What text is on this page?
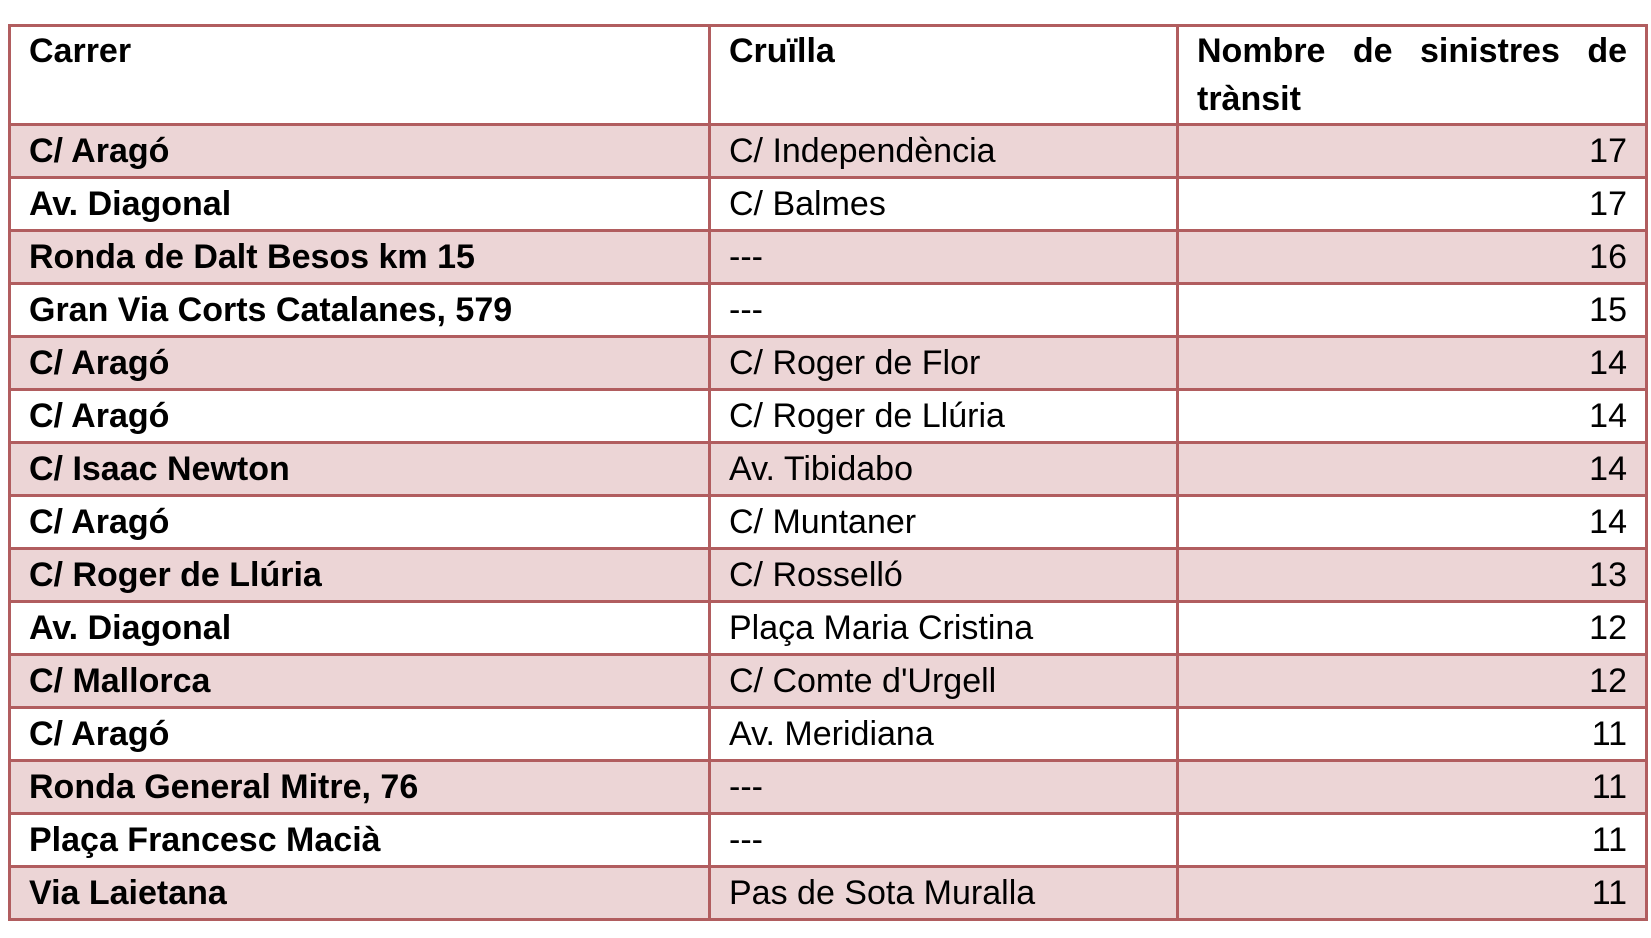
Carrer	Cruïlla	Nombre de sinistres de trànsit
C/ Aragó	C/ Independència	17
Av. Diagonal	C/ Balmes	17
Ronda de Dalt Besos km 15	---	16
Gran Via Corts Catalanes, 579	---	15
C/ Aragó	C/ Roger de Flor	14
C/ Aragó	C/ Roger de Llúria	14
C/ Isaac Newton	Av. Tibidabo	14
C/ Aragó	C/ Muntaner	14
C/ Roger de Llúria	C/ Rosselló	13
Av. Diagonal	Plaça Maria Cristina	12
C/ Mallorca	C/ Comte d'Urgell	12
C/ Aragó	Av. Meridiana	11
Ronda General Mitre, 76	---	11
Plaça Francesc Macià	---	11
Via Laietana	Pas de Sota Muralla	11
